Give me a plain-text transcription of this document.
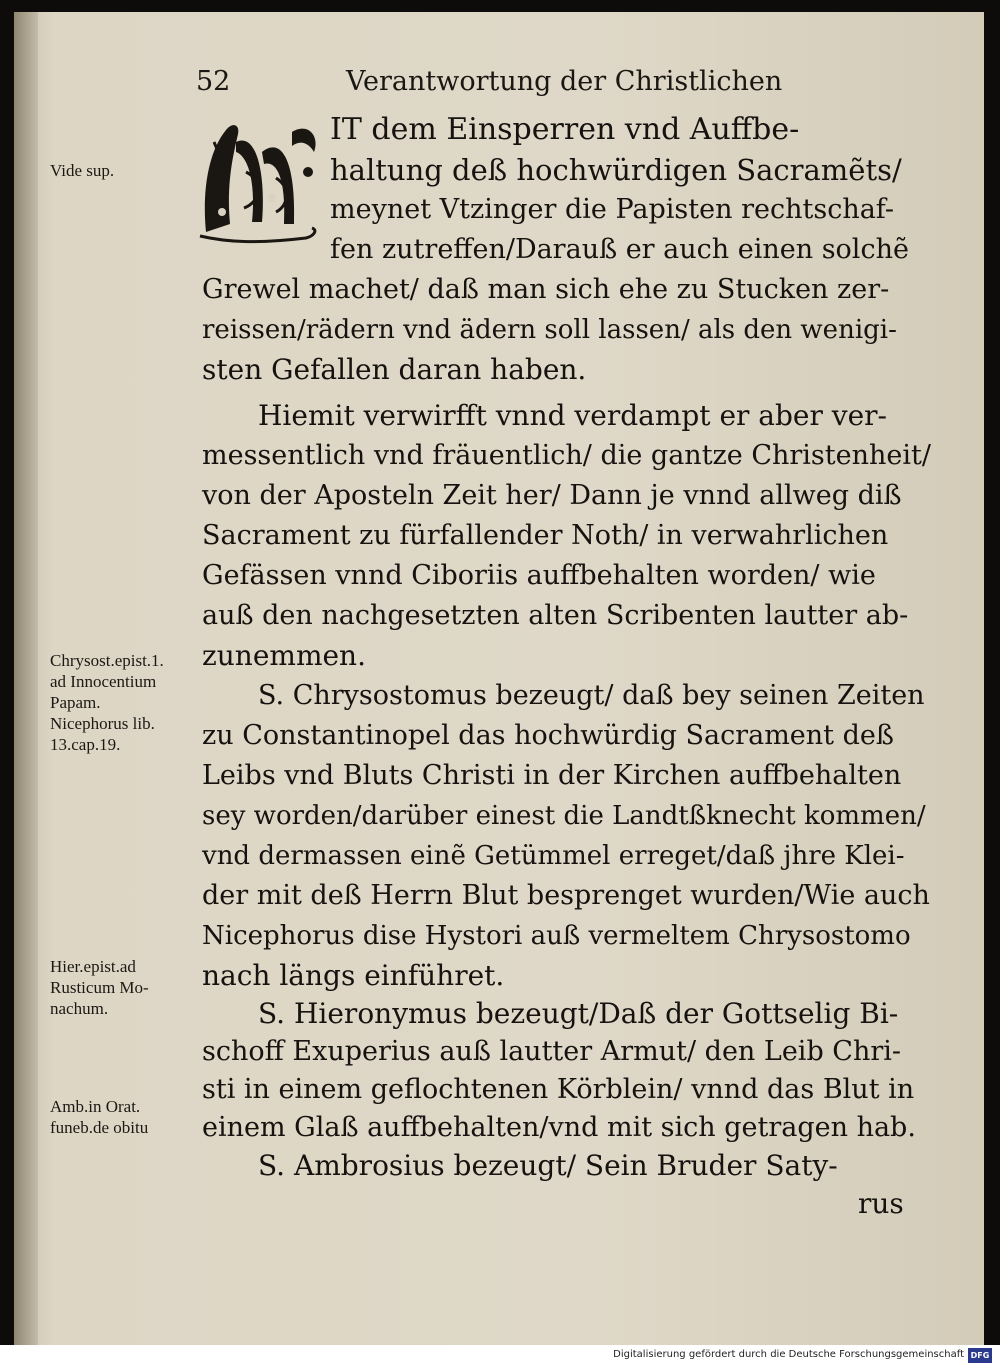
52	Verantwortung der Christlichen
M
IT dem Einsperren vnd Auffbe-
haltung deß hochwürdigen Sacramẽts/
meynet Vtzinger die Papisten rechtschaf-
fen zutreffen/Darauß er auch einen solchẽ
Grewel machet/ daß man sich ehe zu Stucken zer-
reissen/rädern vnd ädern soll lassen/ als den wenigi-
sten Gefallen daran haben.
Hiemit verwirfft vnnd verdampt er aber ver-
messentlich vnd fräuentlich/ die gantze Christenheit/
von der Aposteln Zeit her/ Dann je vnnd allweg diß
Sacrament zu fürfallender Noth/ in verwahrlichen
Gefässen vnnd Ciboriis auffbehalten worden/ wie
auß den nachgesetzten alten Scribenten lautter ab-
zunemmen.
S. Chrysostomus bezeugt/ daß bey seinen Zeiten
zu Constantinopel das hochwürdig Sacrament deß
Leibs vnd Bluts Christi in der Kirchen auffbehalten
sey worden/darüber einest die Landtßknecht kommen/
vnd dermassen einẽ Getümmel erreget/daß jhre Klei-
der mit deß Herrn Blut besprenget wurden/Wie auch
Nicephorus dise Hystori auß vermeltem Chrysostomo
nach längs einführet.
S. Hieronymus bezeugt/Daß der Gottselig Bi-
schoff Exuperius auß lautter Armut/ den Leib Chri-
sti in einem geflochtenen Körblein/ vnnd das Blut in
einem Glaß auffbehalten/vnd mit sich getragen hab.
S. Ambrosius bezeugt/ Sein Bruder Saty-
rus
Vide sup.
Chrysost.epist.1.
ad Innocentium
Papam.
Nicephorus lib.
13.cap.19.
Hier.epist.ad
Rusticum Mo-
nachum.
Amb.in Orat.
funeb.de obitu
Digitalisierung gefördert durch die Deutsche Forschungsgemeinschaft DFG
